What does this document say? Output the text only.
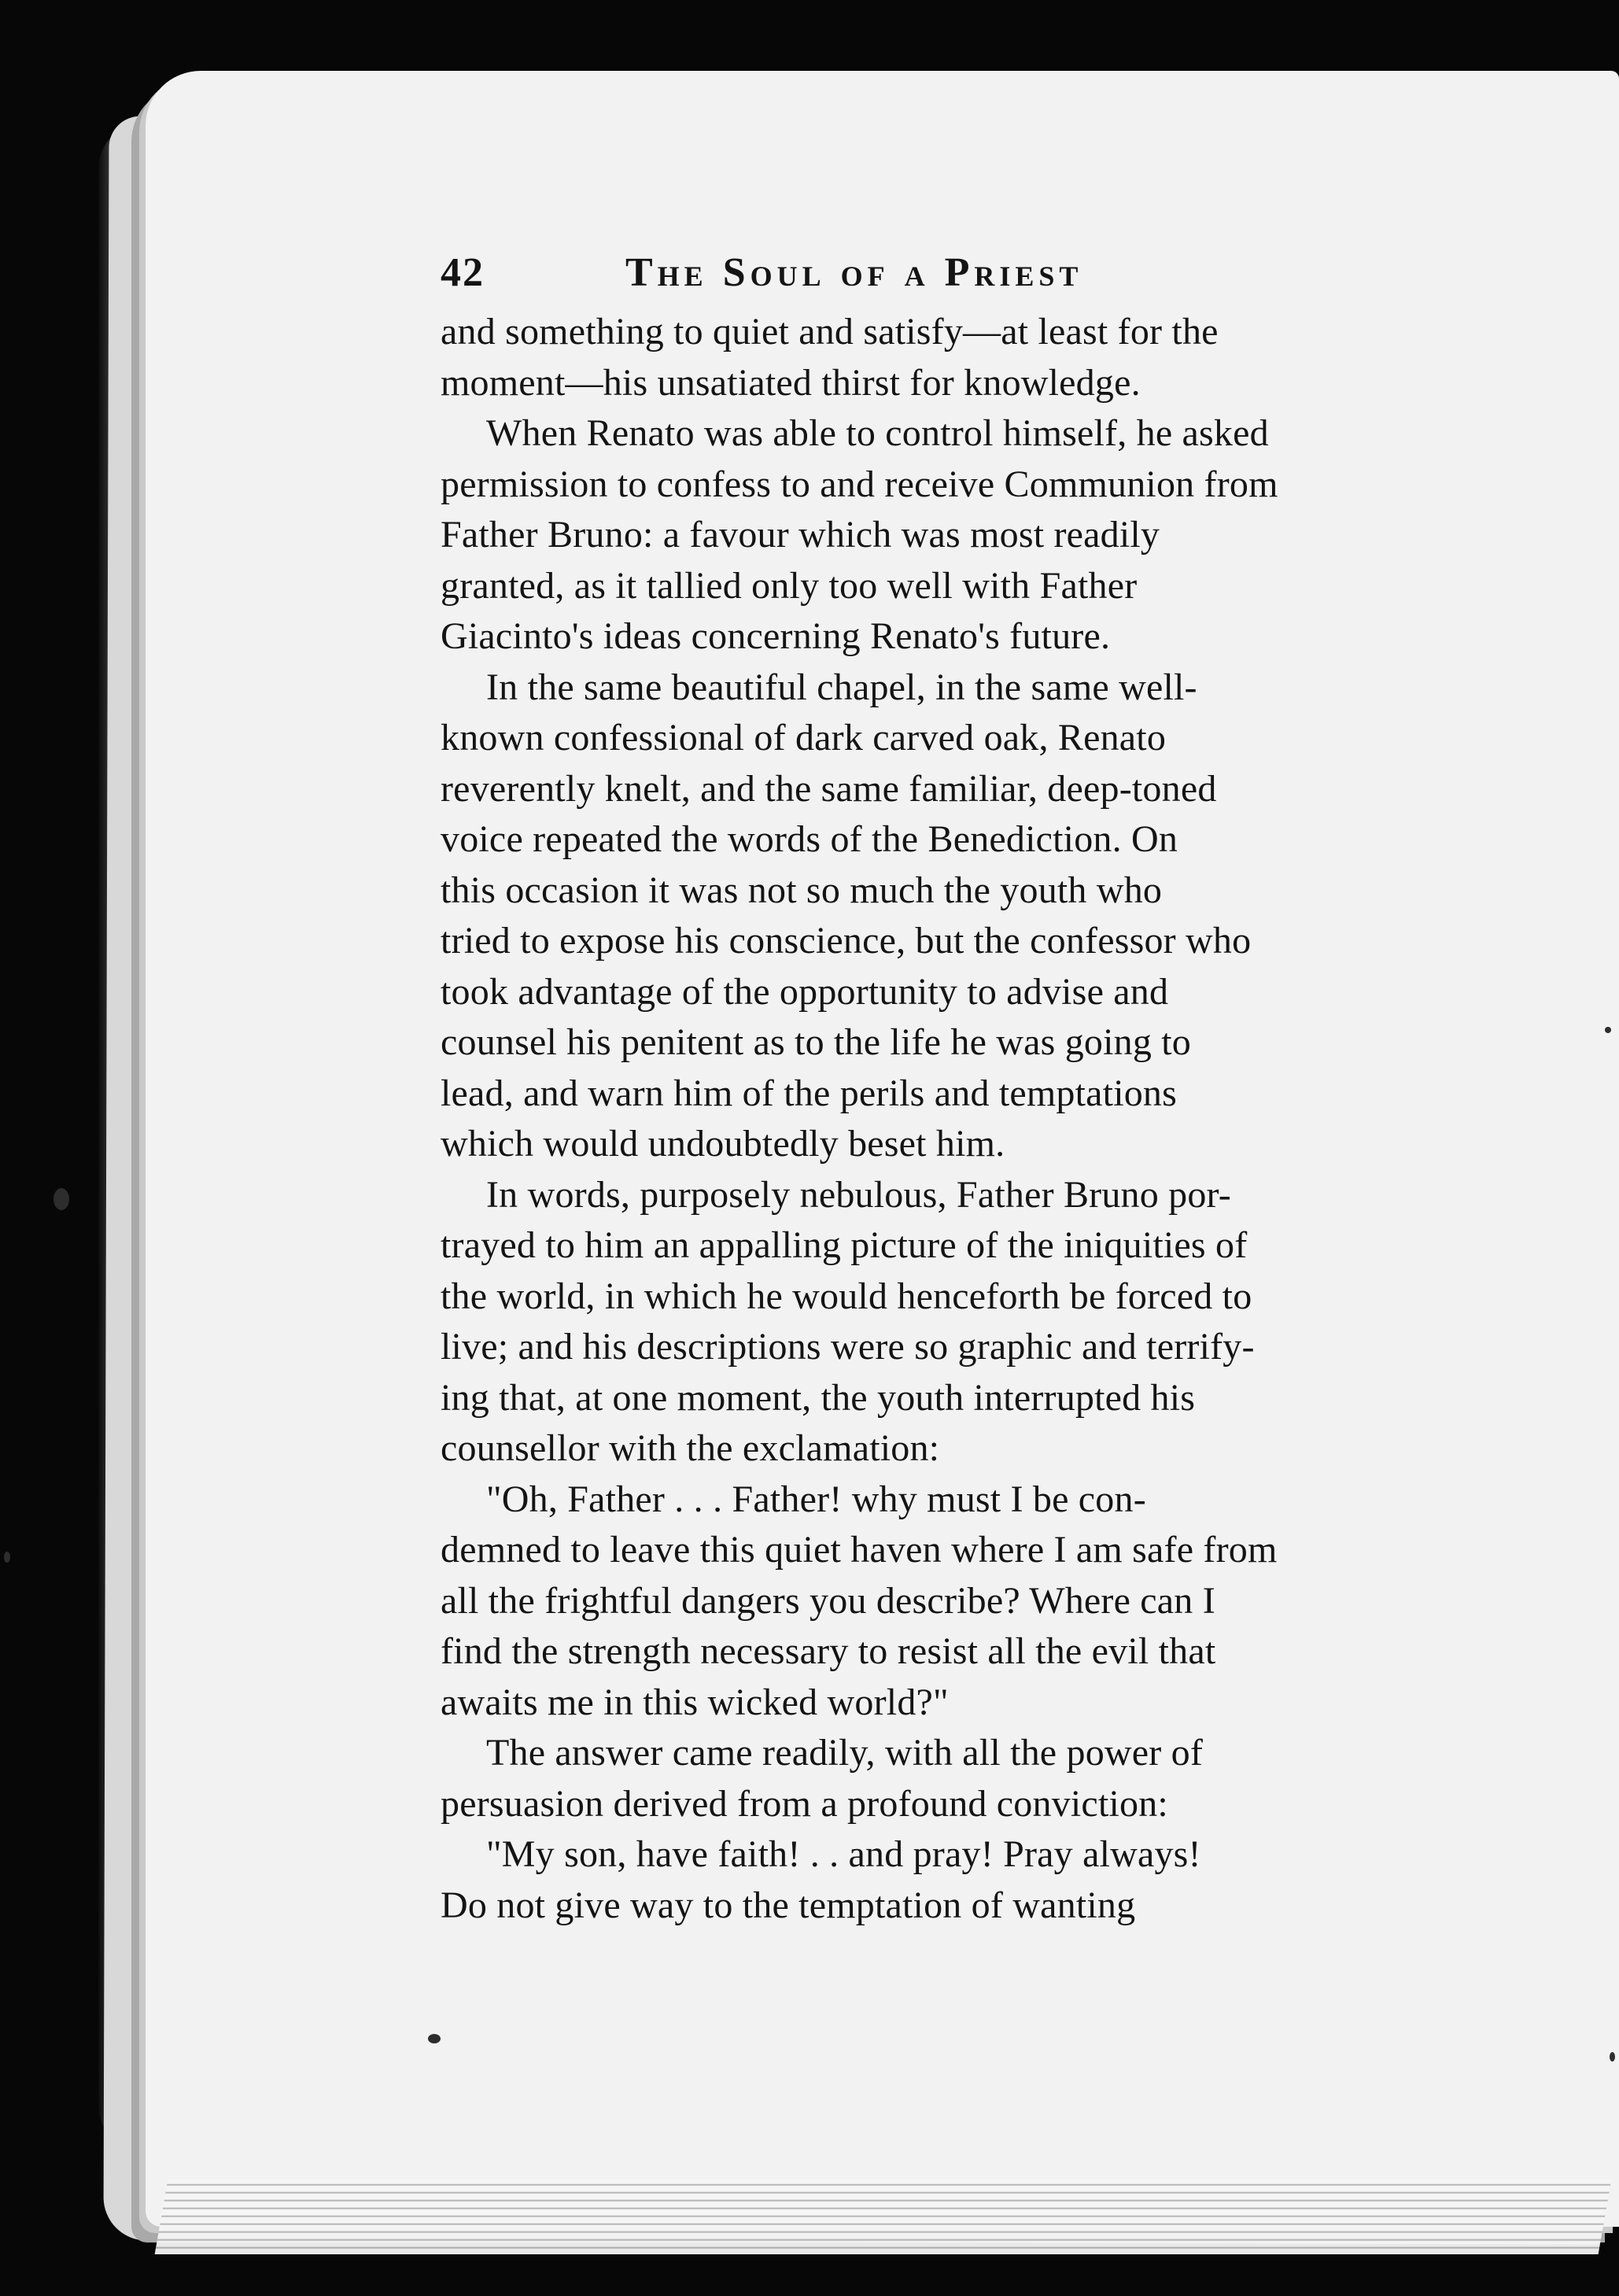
42	The Soul of a Priest
and something to quiet and satisfy—at least for the
moment—his unsatiated thirst for knowledge.
When Renato was able to control himself, he asked
permission to confess to and receive Communion from
Father Bruno: a favour which was most readily
granted, as it tallied only too well with Father
Giacinto's ideas concerning Renato's future.
In the same beautiful chapel, in the same well-
known confessional of dark carved oak, Renato
reverently knelt, and the same familiar, deep-toned
voice repeated the words of the Benediction. On
this occasion it was not so much the youth who
tried to expose his conscience, but the confessor who
took advantage of the opportunity to advise and
counsel his penitent as to the life he was going to
lead, and warn him of the perils and temptations
which would undoubtedly beset him.
In words, purposely nebulous, Father Bruno por-
trayed to him an appalling picture of the iniquities of
the world, in which he would henceforth be forced to
live; and his descriptions were so graphic and terrify-
ing that, at one moment, the youth interrupted his
counsellor with the exclamation:
"Oh, Father . . . Father! why must I be con-
demned to leave this quiet haven where I am safe from
all the frightful dangers you describe? Where can I
find the strength necessary to resist all the evil that
awaits me in this wicked world?"
The answer came readily, with all the power of
persuasion derived from a profound conviction:
"My son, have faith! . . and pray! Pray always!
Do not give way to the temptation of wanting
